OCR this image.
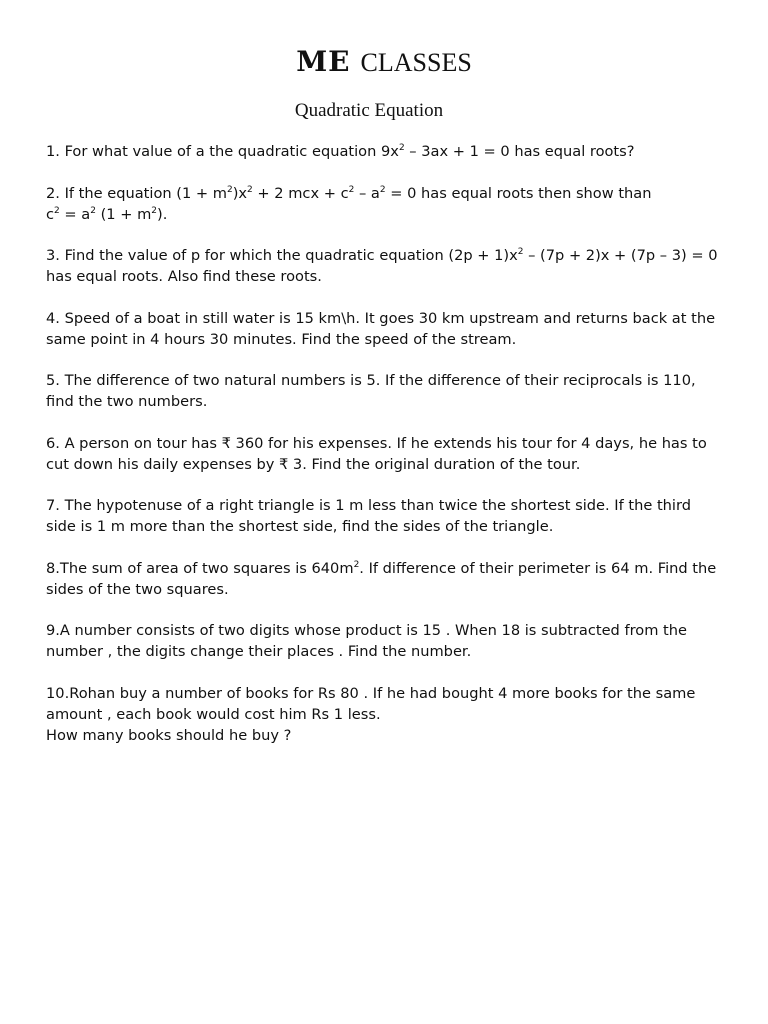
ME CLASSES
Quadratic Equation

1. For what value of a the quadratic equation $9x^2 - 3ax + 1 = 0$ has equal roots?

2. If the equation $(1 + m^2)x^2 + 2$ mcx + $c^2 - a^2 = 0$ has equal roots then show than

$c^2 = a^2$ $(1 + m^2)$.

3. Find the value of p for which the quadratic equation $(2p + 1)x^2 - (7p + 2)x + (7p - 3) = 0$

has equal roots. Also find these roots.

4. Speed of a boat in still water is 15 km\h. It goes 30 km upstream and returns back at the

same point in 4 hours 30 minutes. Find the speed of the stream.

5. The difference of two natural numbers is 5. If the difference of their reciprocals is 110,

find the two numbers.

6. A person on tour has ₹ 360 for his expenses. If he extends his tour for 4 days, he has to

cut down his daily expenses by ₹ 3. Find the original duration of the tour.

7. The hypotenuse of a right triangle is 1 m less than twice the shortest side. If the third

side is 1 m more than the shortest side, find the sides of the triangle.

8.The sum of area of two squares is $640m^2$. If difference of their perimeter is 64 m. Find the

sides of the two squares.

9.A number consists of two digits whose product is 15 . When 18 is subtracted from the

number , the digits change their places . Find the number.

10.Rohan buy a number of books for Rs 80 . If he had bought 4 more books for the same

amount , each book would cost him Rs 1 less.

How many books should he buy ?
